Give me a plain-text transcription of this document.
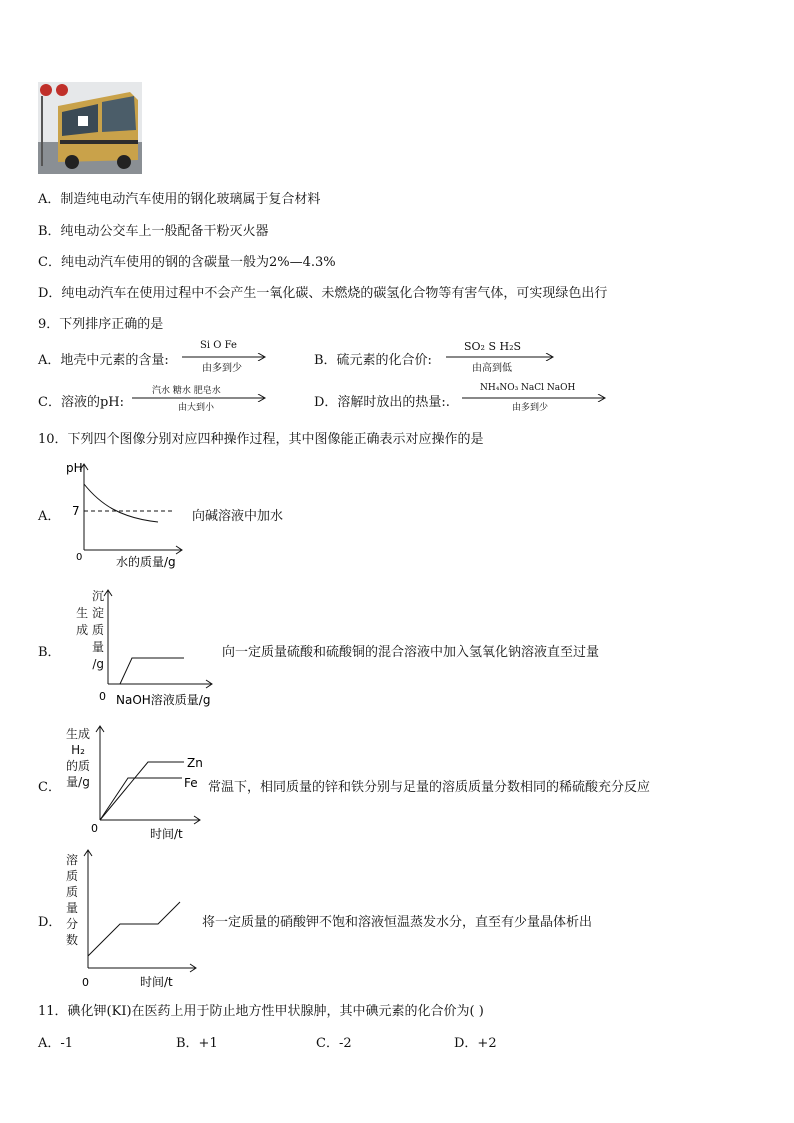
A．制造纯电动汽车使用的钢化玻璃属于复合材料
B．纯电动公交车上一般配备干粉灭火器
C．纯电动汽车使用的钢的含碳量一般为2%—4.3%
D．纯电动汽车在使用过程中不会产生一氧化碳、未燃烧的碳氢化合物等有害气体，可实现绿色出行
9．下列排序正确的是
A．地壳中元素的含量:
Si O Fe
由多到少
B．硫元素的化合价:
SO₂ S H₂S
由高到低
C．溶液的pH:
汽水 糖水 肥皂水
由大到小	D．溶解时放出的热量:.
NH₄NO₃ NaCl NaOH
由多到少
10．下列四个图像分别对应四种操作过程，其中图像能正确表示对应操作的是
A．
pH
7
0	水的质量/g
向碱溶液中加水
B．
沉
生 淀
成 质
量
/g
0 NaOH溶液质量/g
向一定质量硫酸和硫酸铜的混合溶液中加入氢氧化钠溶液直至过量
C．
生成
H₂
的质
量/g
Zn
Fe
0	时间/t
常温下，相同质量的锌和铁分别与足量的溶质质量分数相同的稀硫酸充分反应
D．
溶
质
质
量
分
数
0	时间/t
将一定质量的硝酸钾不饱和溶液恒温蒸发水分，直至有少量晶体析出
11．碘化钾(KI)在医药上用于防止地方性甲状腺肿，其中碘元素的化合价为( )
A．-1	B．+1	C．-2	D．+2
